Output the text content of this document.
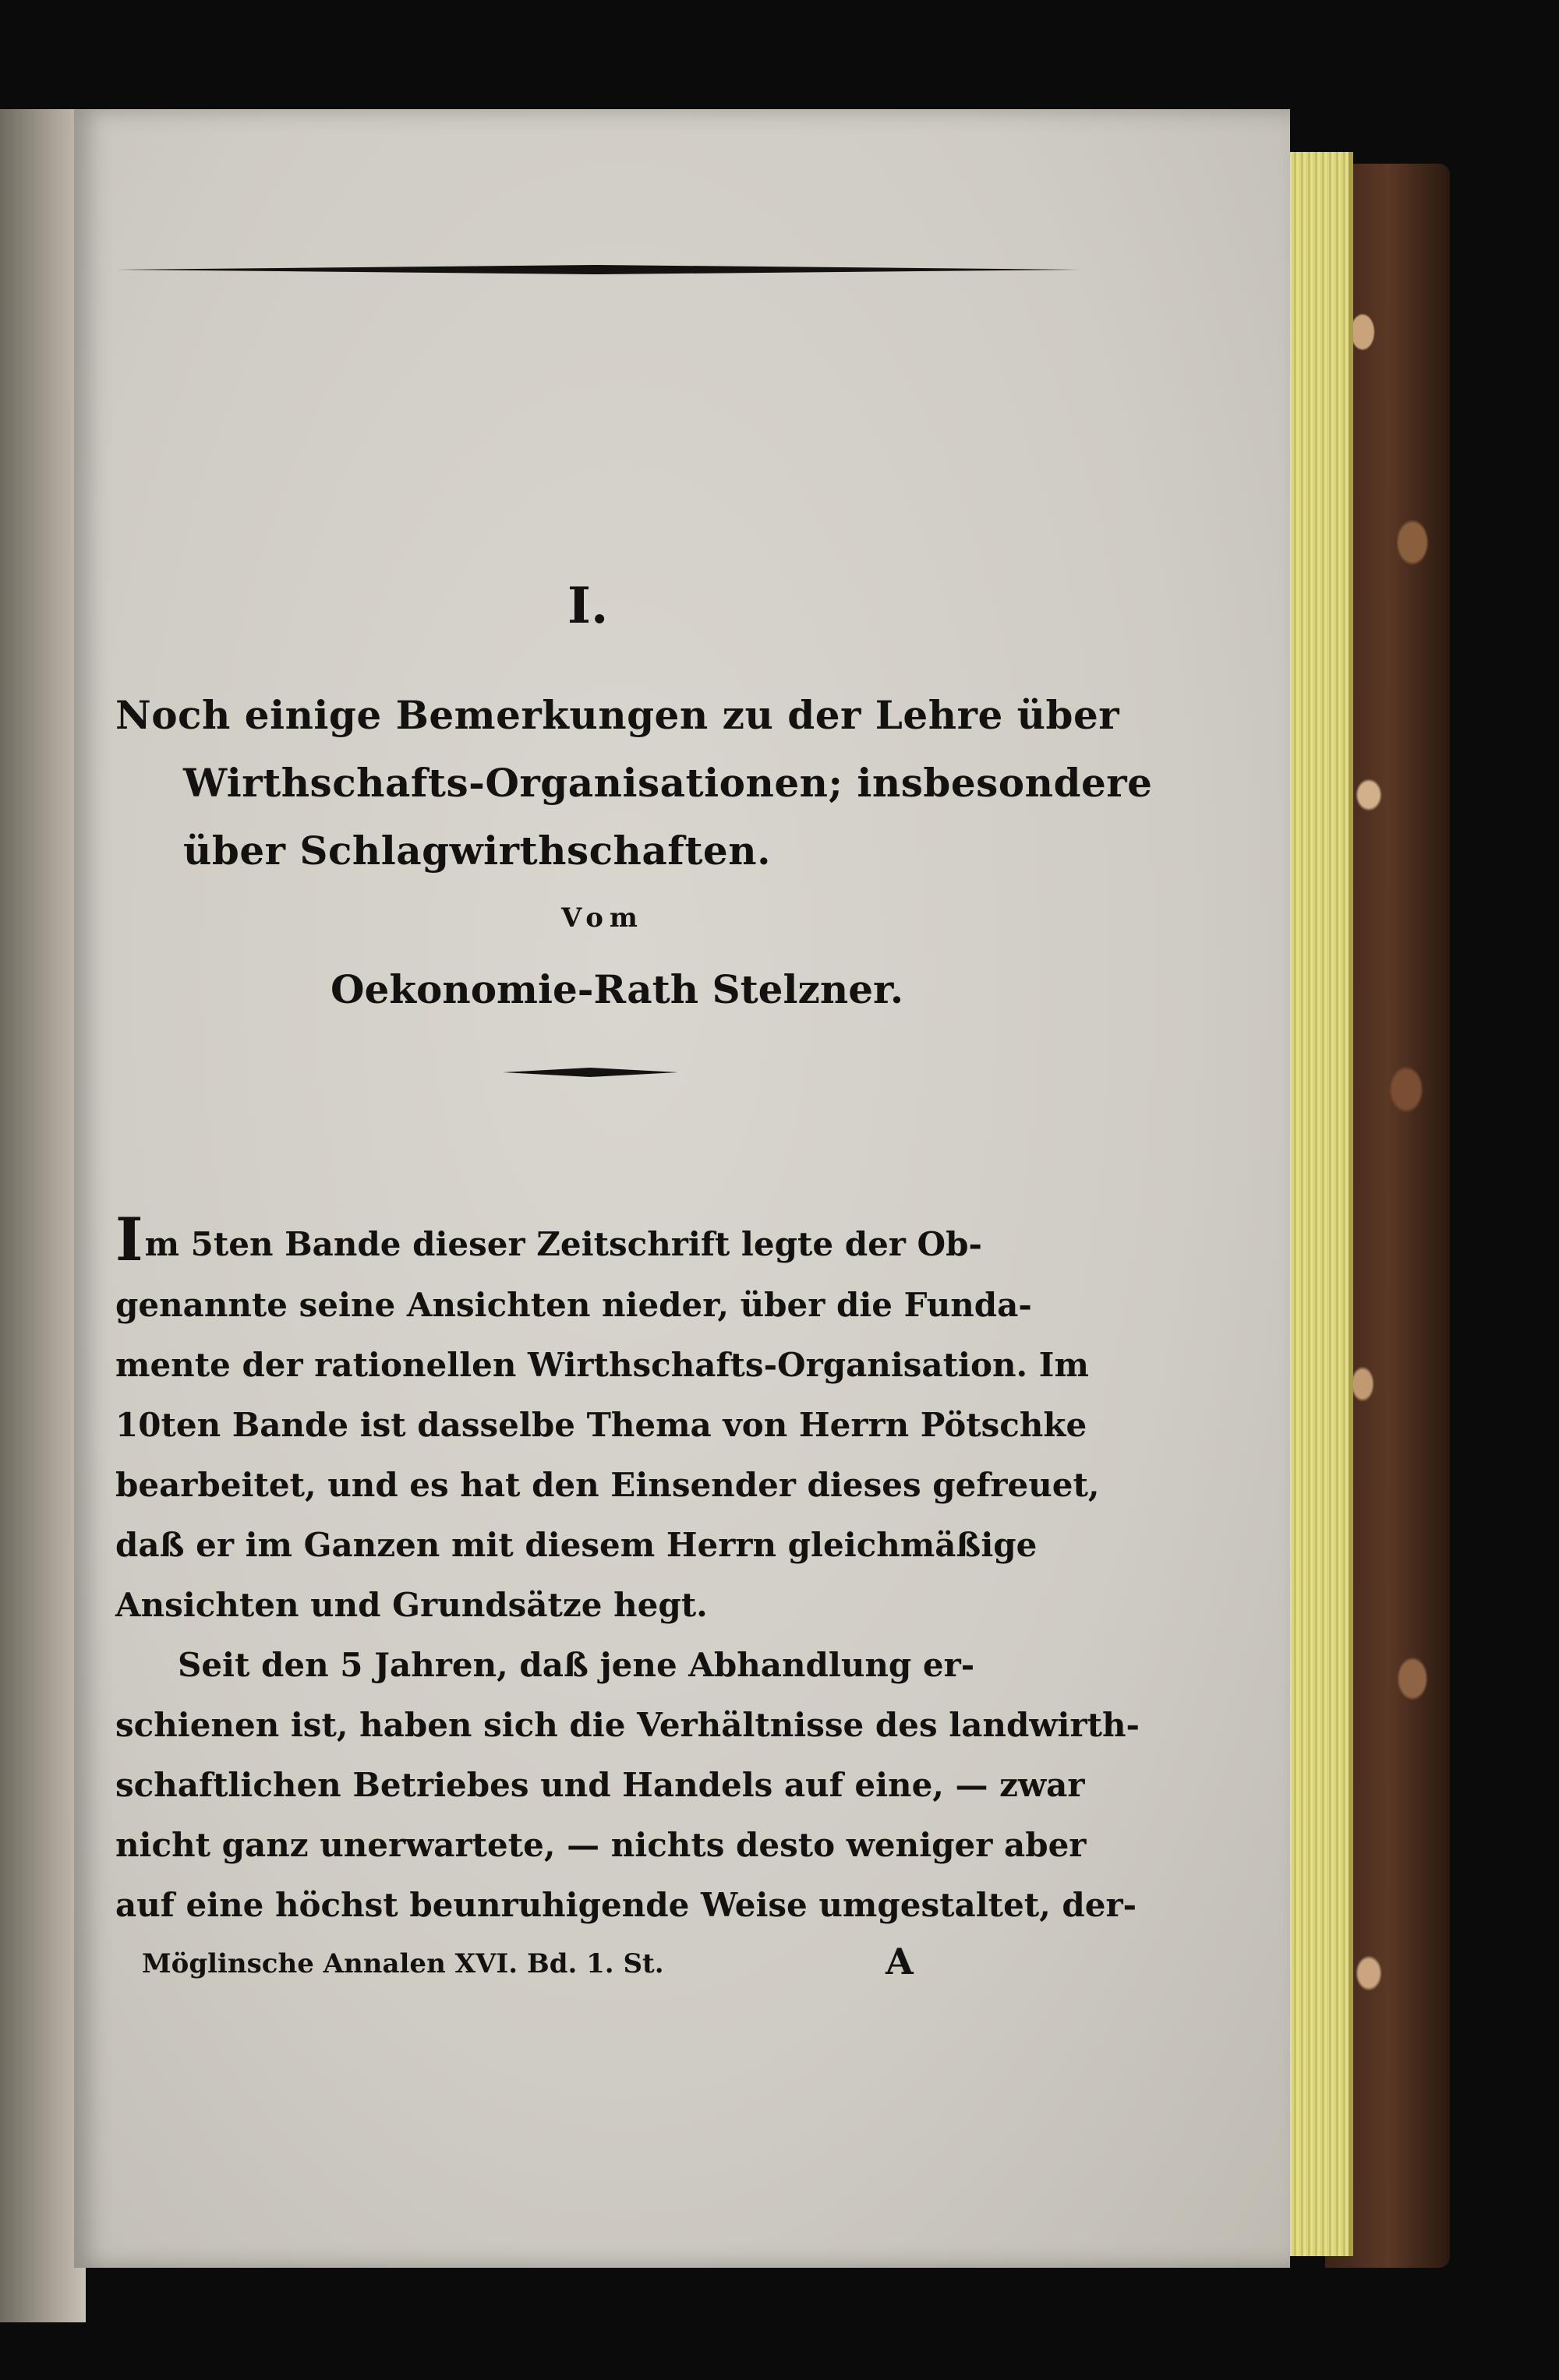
I.
Noch einige Bemerkungen zu der Lehre über
Wirthschafts-Organisationen; insbesondere
über Schlagwirthschaften.
Vom
Oekonomie-Rath Stelzner.
Im 5ten Bande dieser Zeitschrift legte der Ob-
genannte seine Ansichten nieder, über die Funda-
mente der rationellen Wirthschafts-Organisation. Im
10ten Bande ist dasselbe Thema von Herrn Pötschke
bearbeitet, und es hat den Einsender dieses gefreuet,
daß er im Ganzen mit diesem Herrn gleichmäßige
Ansichten und Grundsätze hegt.
Seit den 5 Jahren, daß jene Abhandlung er-
schienen ist, haben sich die Verhältnisse des landwirth-
schaftlichen Betriebes und Handels auf eine, — zwar
nicht ganz unerwartete, — nichts desto weniger aber
auf eine höchst beunruhigende Weise umgestaltet, der-
Möglinsche Annalen XVI. Bd. 1. St.	A
